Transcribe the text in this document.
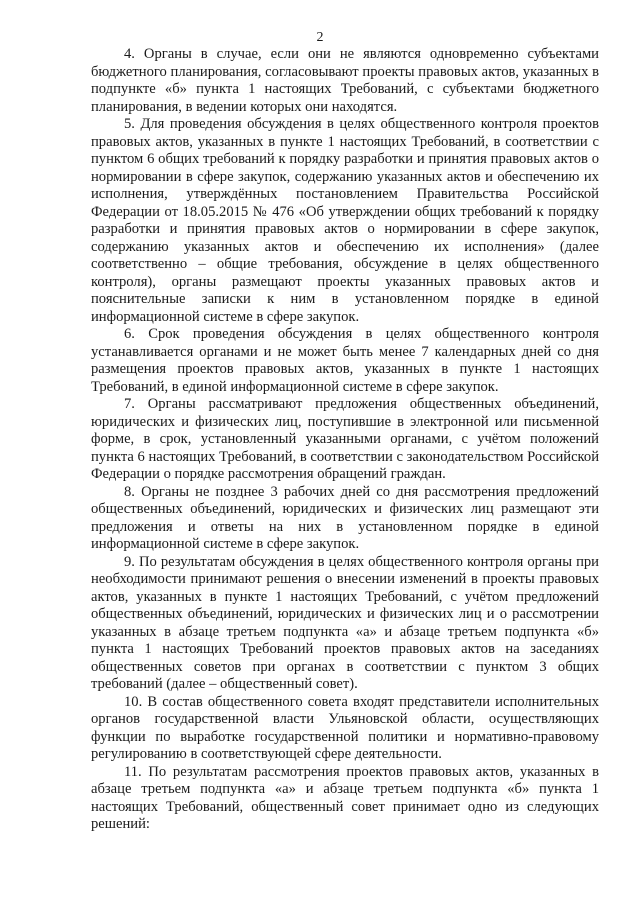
2

4. Органы в случае, если они не являются одновременно субъектами бюджетного планирования, согласовывают проекты правовых актов, указанных в подпункте «б» пункта 1 настоящих Требований, с субъектами бюджетного планирования, в ведении которых они находятся.

5. Для проведения обсуждения в целях общественного контроля проектов правовых актов, указанных в пункте 1 настоящих Требований, в соответствии с пунктом 6 общих требований к порядку разработки и принятия правовых актов о нормировании в сфере закупок, содержанию указанных актов и обеспечению их исполнения, утверждённых постановлением Правительства Российской Федерации от 18.05.2015 № 476 «Об утверждении общих требований к порядку разработки и принятия правовых актов о нормировании в сфере закупок, содержанию указанных актов и обеспечению их исполнения» (далее соответственно – общие требования, обсуждение в целях общественного контроля), органы размещают проекты указанных правовых актов и пояснительные записки к ним в установленном порядке в единой информационной системе в сфере закупок.

6. Срок проведения обсуждения в целях общественного контроля устанавливается органами и не может быть менее 7 календарных дней со дня размещения проектов правовых актов, указанных в пункте 1 настоящих Требований, в единой информационной системе в сфере закупок.

7. Органы рассматривают предложения общественных объединений, юридических и физических лиц, поступившие в электронной или письменной форме, в срок, установленный указанными органами, с учётом положений пункта 6 настоящих Требований, в соответствии с законодательством Российской Федерации о порядке рассмотрения обращений граждан.

8. Органы не позднее 3 рабочих дней со дня рассмотрения предложений общественных объединений, юридических и физических лиц размещают эти предложения и ответы на них в установленном порядке в единой информационной системе в сфере закупок.

9. По результатам обсуждения в целях общественного контроля органы при необходимости принимают решения о внесении изменений в проекты правовых актов, указанных в пункте 1 настоящих Требований, с учётом предложений общественных объединений, юридических и физических лиц и о рассмотрении указанных в абзаце третьем подпункта «а» и абзаце третьем подпункта «б» пункта 1 настоящих Требований проектов правовых актов на заседаниях общественных советов при органах в соответствии с пунктом 3 общих требований (далее – общественный совет).

10. В состав общественного совета входят представители исполнительных органов государственной власти Ульяновской области, осуществляющих функции по выработке государственной политики и нормативно-правовому регулированию в соответствующей сфере деятельности.

11. По результатам рассмотрения проектов правовых актов, указанных в абзаце третьем подпункта «а» и абзаце третьем подпункта «б» пункта 1 настоящих Требований, общественный совет принимает одно из следующих решений:
